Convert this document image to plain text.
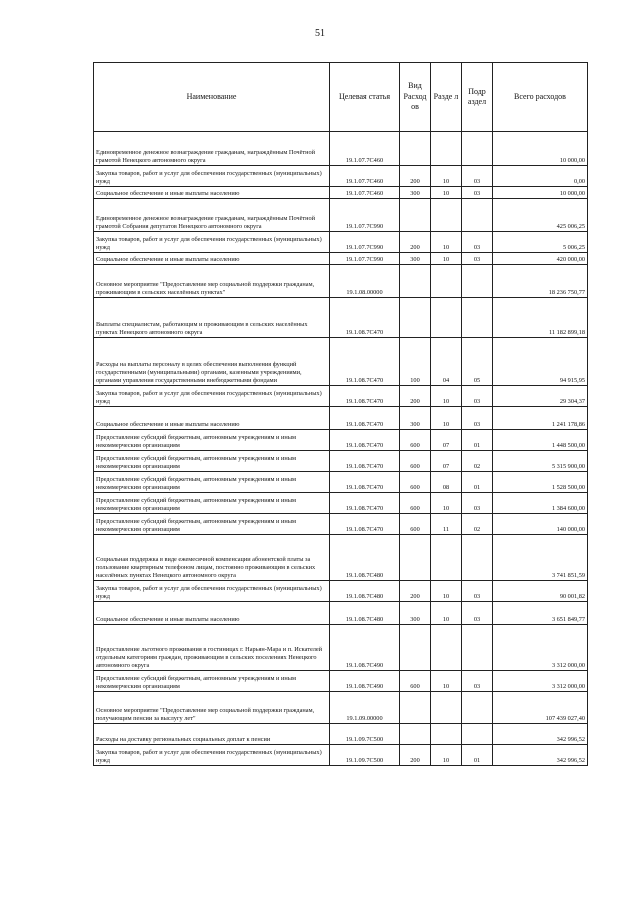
51
Наименование	Целевая статья	Вид Расход ов	Разде л	Подр аздел	Всего расходов
Единовременное денежное вознаграждение гражданам, награждённым Почётной грамотой Ненецкого автономного округа	19.1.07.7С460				10 000,00
Закупка товаров, работ и услуг для обеспечения государственных (муниципальных) нужд	19.1.07.7С460	200	10	03	0,00
Социальное обеспечение и иные выплаты населению	19.1.07.7С460	300	10	03	10 000,00
Единовременное денежное вознаграждение гражданам, награждённым Почётной грамотой Собрания депутатов Ненецкого автономного округа	19.1.07.7С990				425 006,25
Закупка товаров, работ и услуг для обеспечения государственных (муниципальных) нужд	19.1.07.7С990	200	10	03	5 006,25
Социальное обеспечение и иные выплаты населению	19.1.07.7С990	300	10	03	420 000,00
Основное мероприятие "Предоставление мер социальной поддержки гражданам, проживающим в сельских населённых пунктах"	19.1.08.00000				18 236 750,77
Выплаты специалистам, работающим и проживающим в сельских населённых пунктах Ненецкого автономного округа	19.1.08.7С470				11 182 899,18
Расходы на выплаты персоналу в целях обеспечения выполнения функций государственными (муниципальными) органами, казенными учреждениями, органами управления государственными внебюджетными фондами	19.1.08.7С470	100	04	05	94 915,95
Закупка товаров, работ и услуг для обеспечения государственных (муниципальных) нужд	19.1.08.7С470	200	10	03	29 304,37
Социальное обеспечение и иные выплаты населению	19.1.08.7С470	300	10	03	1 241 178,86
Предоставление субсидий бюджетным, автономным учреждениям и иным некоммерческим организациям	19.1.08.7С470	600	07	01	1 448 500,00
Предоставление субсидий бюджетным, автономным учреждениям и иным некоммерческим организациям	19.1.08.7С470	600	07	02	5 315 900,00
Предоставление субсидий бюджетным, автономным учреждениям и иным некоммерческим организациям	19.1.08.7С470	600	08	01	1 528 500,00
Предоставление субсидий бюджетным, автономным учреждениям и иным некоммерческим организациям	19.1.08.7С470	600	10	03	1 384 600,00
Предоставление субсидий бюджетным, автономным учреждениям и иным некоммерческим организациям	19.1.08.7С470	600	11	02	140 000,00
Социальная поддержка в виде ежемесячной компенсации абонентской платы за пользование квартирным телефоном лицам, постоянно проживающим в сельских населённых пунктах Ненецкого автономного округа	19.1.08.7С480				3 741 851,59
Закупка товаров, работ и услуг для обеспечения государственных (муниципальных) нужд	19.1.08.7С480	200	10	03	90 001,82
Социальное обеспечение и иные выплаты населению	19.1.08.7С480	300	10	03	3 651 849,77
Предоставление льготного проживания в гостиницах г. Нарьян-Мара и п. Искателей отдельным категориям граждан, проживающим в сельских поселениях Ненецкого автономного округа	19.1.08.7С490				3 312 000,00
Предоставление субсидий бюджетным, автономным учреждениям и иным некоммерческим организациям	19.1.08.7С490	600	10	03	3 312 000,00
Основное мероприятие "Предоставление мер социальной поддержки гражданам, получающим пенсии за выслугу лет"	19.1.09.00000				107 439 027,40
Расходы на доставку региональных социальных доплат к пенсии	19.1.09.7С500				342 996,52
Закупка товаров, работ и услуг для обеспечения государственных (муниципальных) нужд	19.1.09.7С500	200	10	01	342 996,52
